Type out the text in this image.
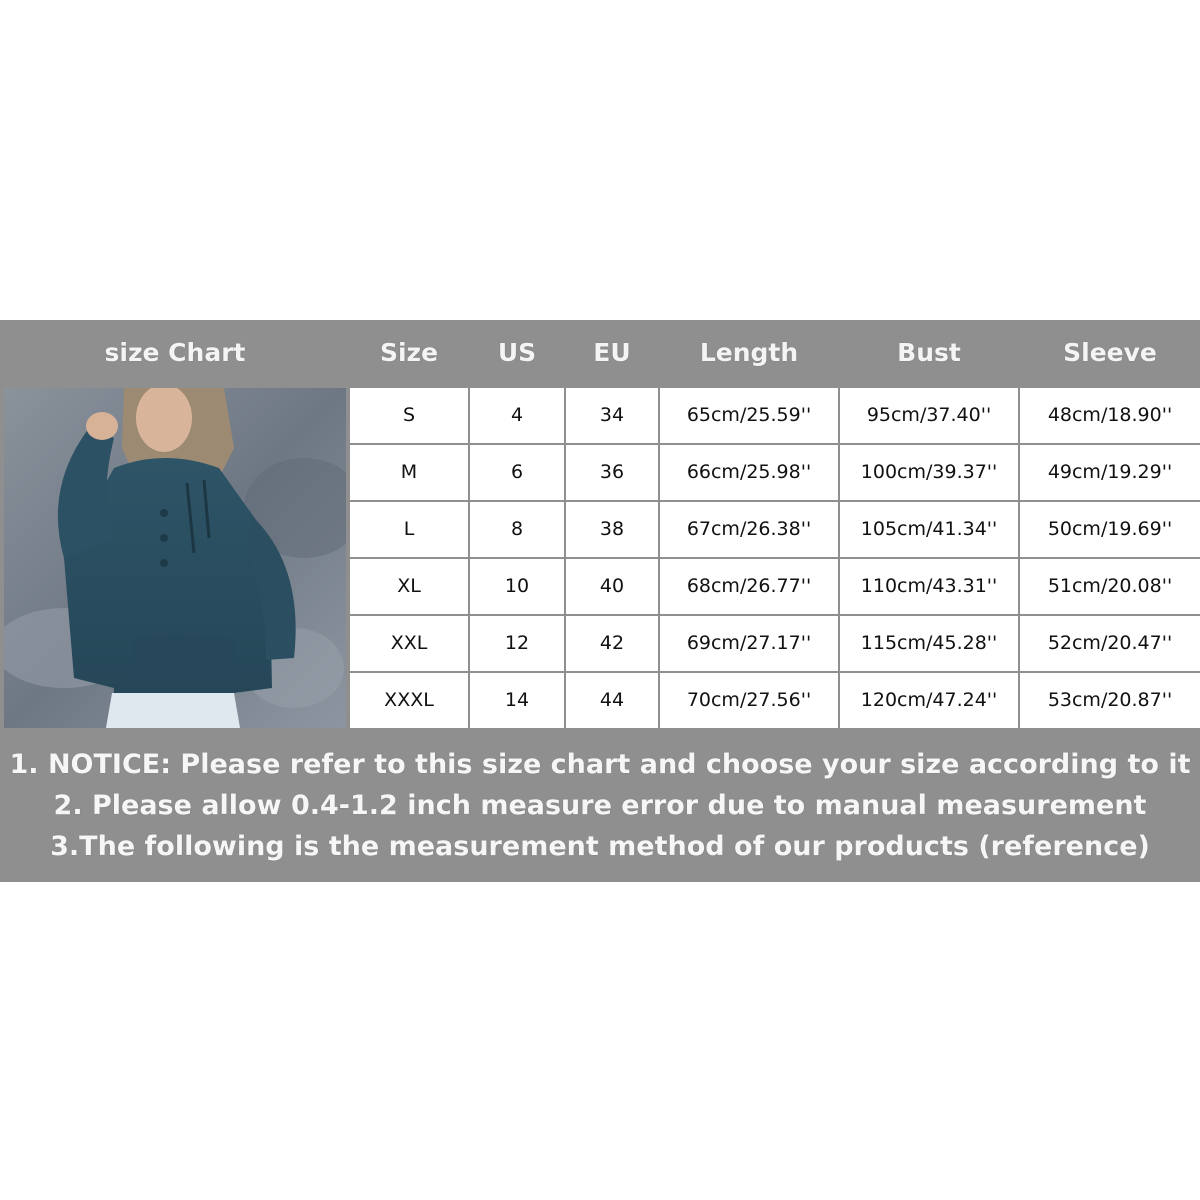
size Chart	Size	US	EU	Length	Bust	Sleeve
S	4	34	65cm/25.59''	95cm/37.40''	48cm/18.90''
M	6	36	66cm/25.98''	100cm/39.37''	49cm/19.29''
L	8	38	67cm/26.38''	105cm/41.34''	50cm/19.69''
XL	10	40	68cm/26.77''	110cm/43.31''	51cm/20.08''
XXL	12	42	69cm/27.17''	115cm/45.28''	52cm/20.47''
XXXL	14	44	70cm/27.56''	120cm/47.24''	53cm/20.87''
1. NOTICE: Please refer to this size chart and choose your size according to it
2. Please allow 0.4-1.2 inch measure error due to manual measurement
3.The following is the measurement method of our products (reference)
